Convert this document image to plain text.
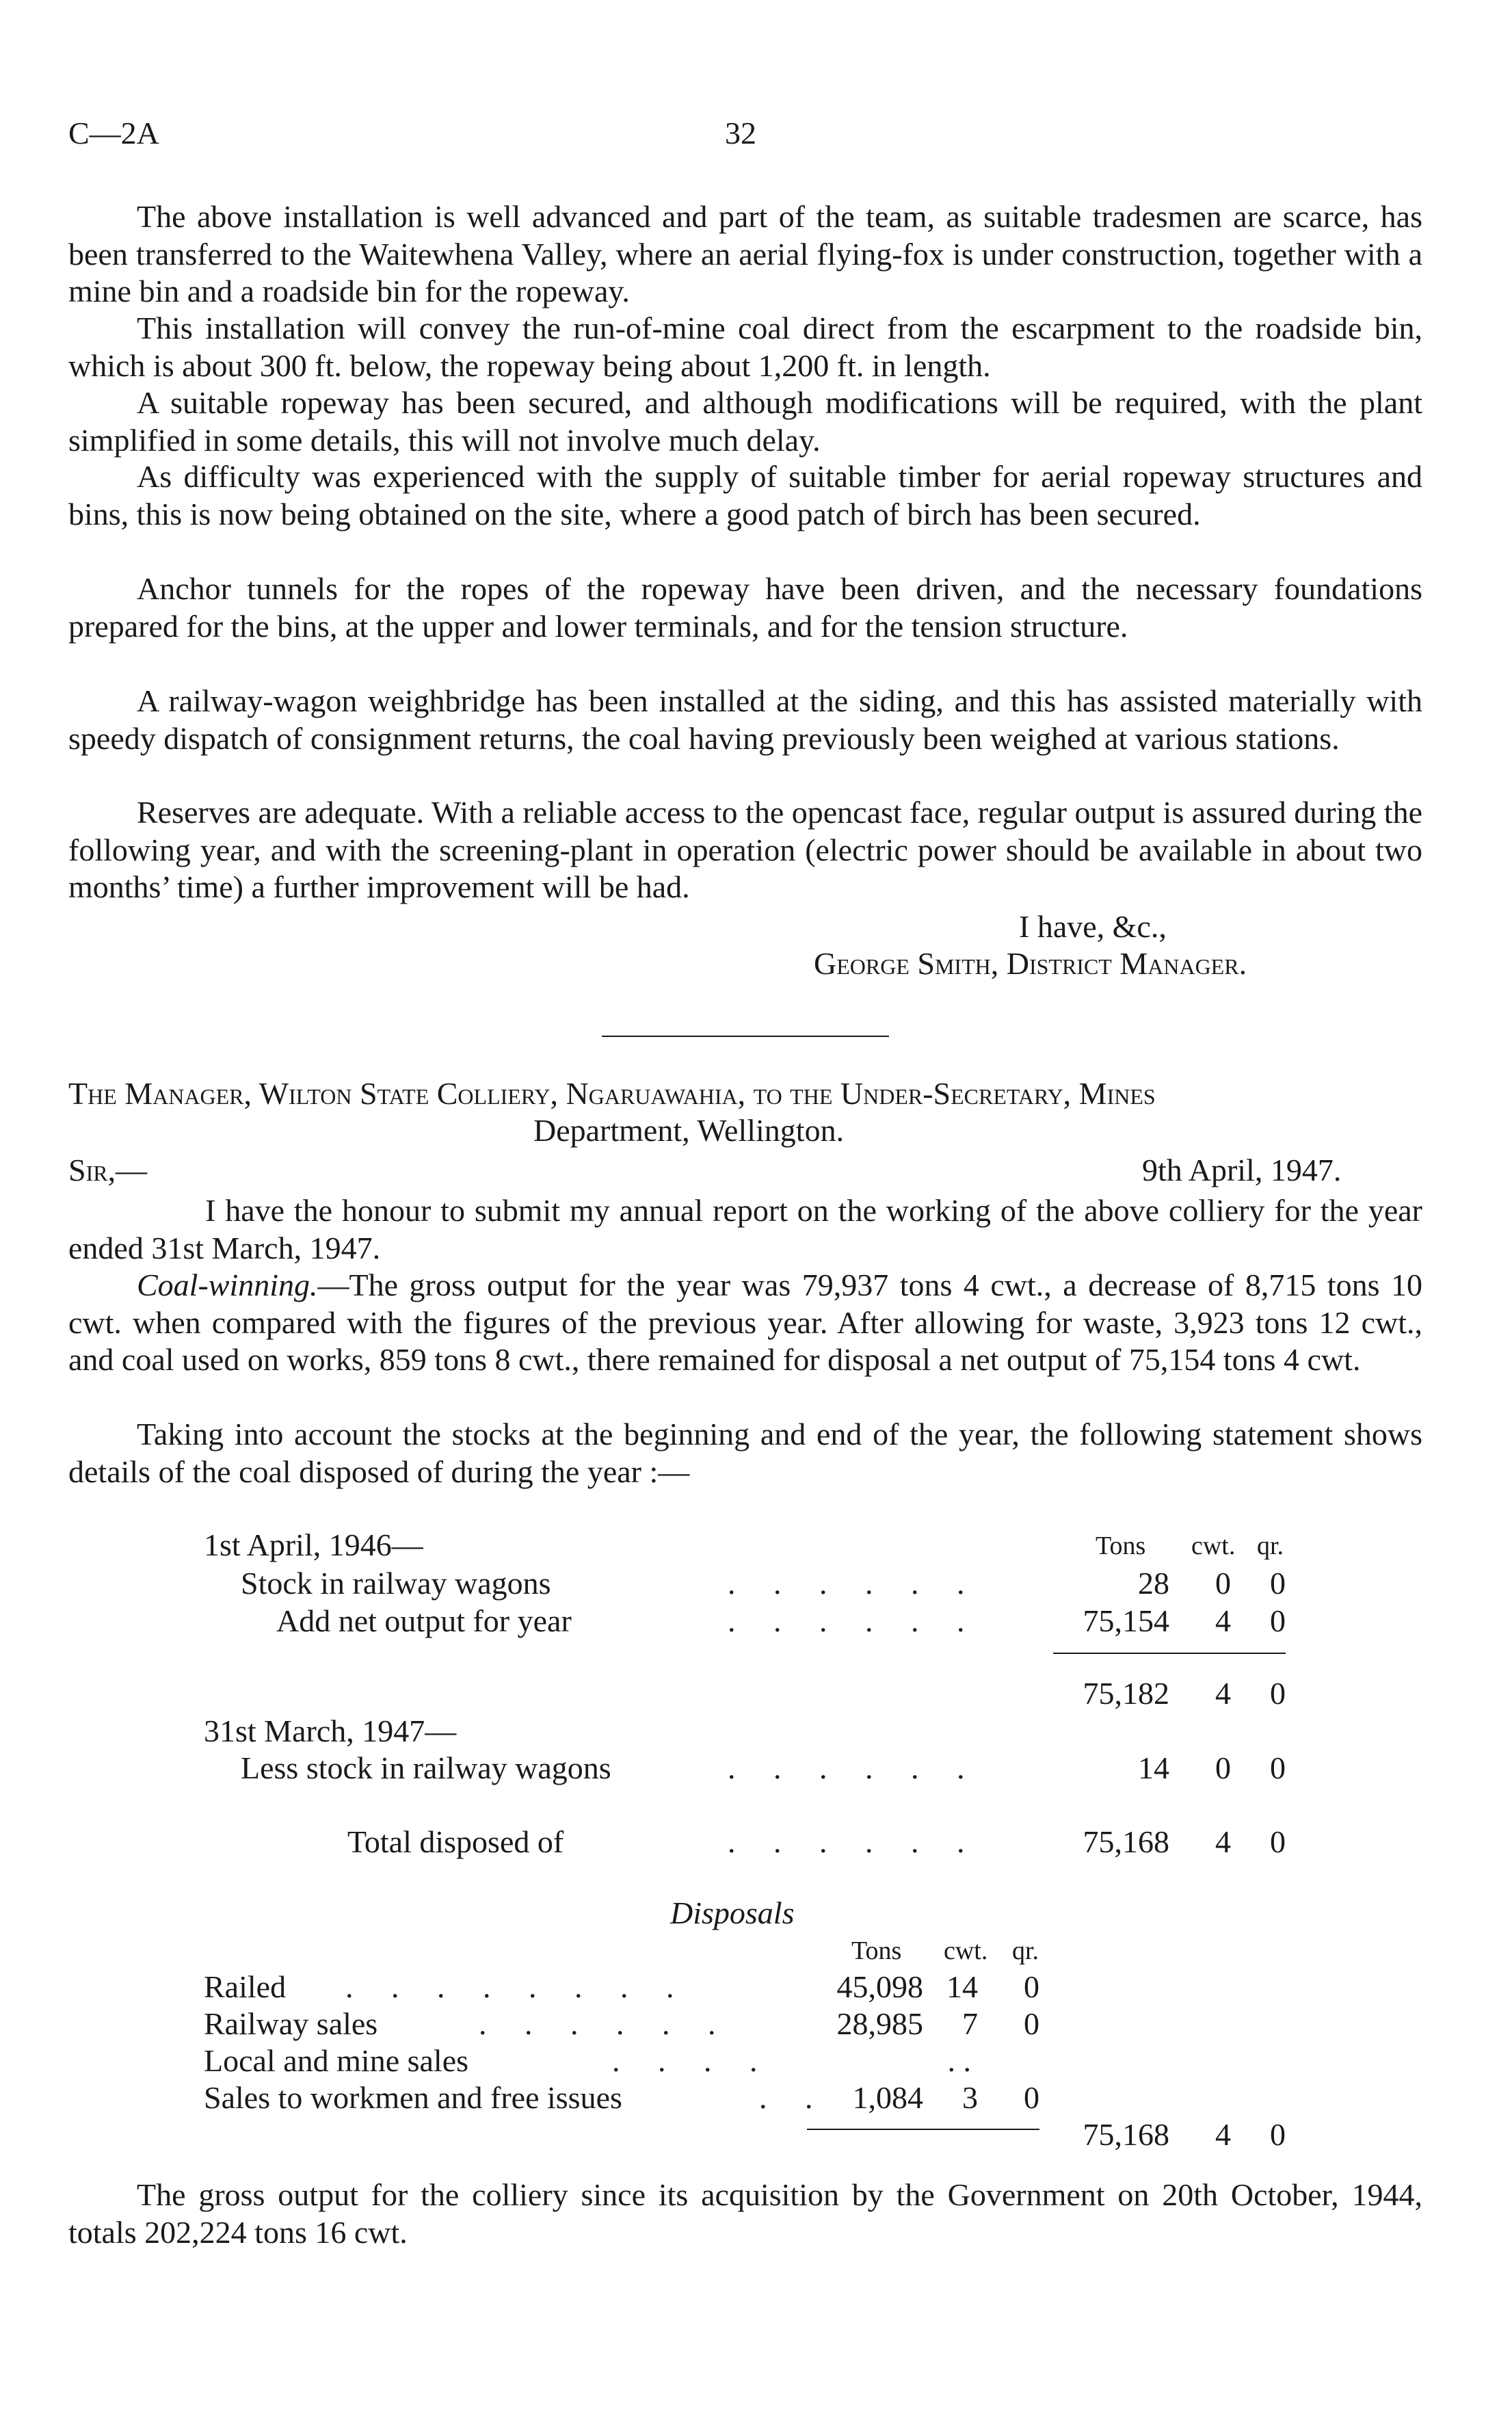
C—2A	32
The above installation is well advanced and part of the team, as suitable tradesmen are scarce, has been transferred to the Waitewhena Valley, where an aerial flying-fox is under construction, together with a mine bin and a roadside bin for the ropeway.
This installation will convey the run-of-mine coal direct from the escarpment to the roadside bin, which is about 300 ft. below, the ropeway being about 1,200 ft. in length.
A suitable ropeway has been secured, and although modifications will be required, with the plant simplified in some details, this will not involve much delay.
As difficulty was experienced with the supply of suitable timber for aerial ropeway structures and bins, this is now being obtained on the site, where a good patch of birch has been secured.
Anchor tunnels for the ropes of the ropeway have been driven, and the necessary foundations prepared for the bins, at the upper and lower terminals, and for the tension structure.
A railway-wagon weighbridge has been installed at the siding, and this has assisted materially with speedy dispatch of consignment returns, the coal having previously been weighed at various stations.
Reserves are adequate. With a reliable access to the opencast face, regular output is assured during the following year, and with the screening-plant in operation (electric power should be available in about two months’ time) a further improvement will be had.
I have, &c.,
George Smith, District Manager.
The Manager, Wilton State Colliery, Ngaruawahia, to the Under-Secretary, Mines
Department, Wellington.
Sir,—	9th April, 1947.
I have the honour to submit my annual report on the working of the above colliery for the year ended 31st March, 1947.
Coal-winning.—The gross output for the year was 79,937 tons 4 cwt., a decrease of 8,715 tons 10 cwt. when compared with the figures of the previous year. After allowing for waste, 3,923 tons 12 cwt., and coal used on works, 859 tons 8 cwt., there remained for disposal a net output of 75,154 tons 4 cwt.
Taking into account the stocks at the beginning and end of the year, the following statement shows details of the coal disposed of during the year :—
Tons cwt. qr.
1st April, 1946—
Stock in railway wagons	. . . . . .	28	0	0
Add net output for year	. . . . . .	75,154	4	0
75,182	4	0
31st March, 1947—
Less stock in railway wagons	. . . . . .	14	0	0
Total disposed of	. . . . . .	75,168	4	0
Disposals
Tons cwt. qr.
Railed . . . . . . . .	45,098 14	0
Railway sales	. . . . . .	28,985	7	0
Local and mine sales	. . . .	. .
Sales to workmen and free issues	. . 1,084	3	0
75,168	4	0
The gross output for the colliery since its acquisition by the Government on 20th October, 1944, totals 202,224 tons 16 cwt.
